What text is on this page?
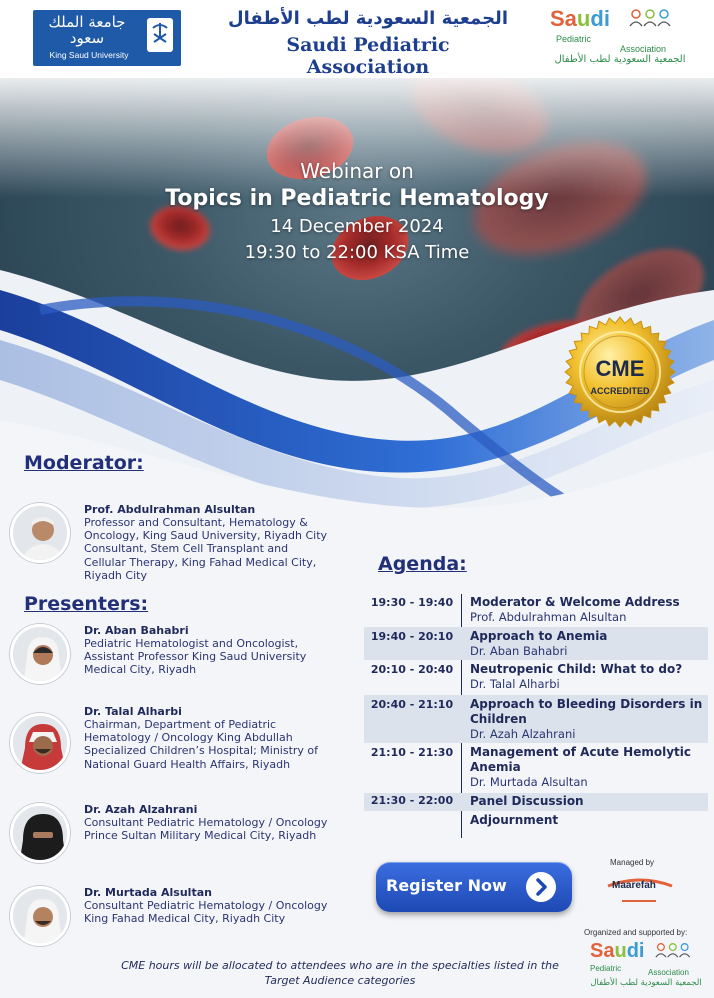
جامعة الملك سعود
King Saud University
الجمعية السعودية لطب الأطفال
Saudi Pediatric Association
Saudi
Pediatric
Association
الجمعية السعودية لطب الأطفال
Webinar on
Topics in Pediatric Hematology
14 December 2024
19:30 to 22:00 KSA Time
CME
ACCREDITED
Moderator:
Prof. Abdulrahman Alsultan
Professor and Consultant, Hematology & Oncology, King Saud University, Riyadh City Consultant, Stem Cell Transplant and Cellular Therapy, King Fahad Medical City, Riyadh City
Presenters:
Dr. Aban Bahabri
Pediatric Hematologist and Oncologist, Assistant Professor King Saud University Medical City, Riyadh
Dr. Talal Alharbi
Chairman, Department of Pediatric Hematology / Oncology King Abdullah Specialized Children’s Hospital; Ministry of National Guard Health Affairs, Riyadh
Dr. Azah Alzahrani
Consultant Pediatric Hematology / Oncology Prince Sultan Military Medical City, Riyadh
Dr. Murtada Alsultan
Consultant Pediatric Hematology / Oncology King Fahad Medical City, Riyadh City
Agenda:
19:30 - 19:40	Moderator & Welcome Address
Prof. Abdulrahman Alsultan
19:40 - 20:10	Approach to Anemia
Dr. Aban Bahabri
20:10 - 20:40	Neutropenic Child: What to do?
Dr. Talal Alharbi
20:40 - 21:10	Approach to Bleeding Disorders in Children
Dr. Azah Alzahrani
21:10 - 21:30	Management of Acute Hemolytic Anemia
Dr. Murtada Alsultan
21:30 - 22:00	Panel Discussion
Adjournment
Register Now
Managed by
Maarefah
Organized and supported by:
Saudi
Pediatric	Association
الجمعية السعودية لطب الأطفال
CME hours will be allocated to attendees who are in the specialties listed in the Target Audience categories
